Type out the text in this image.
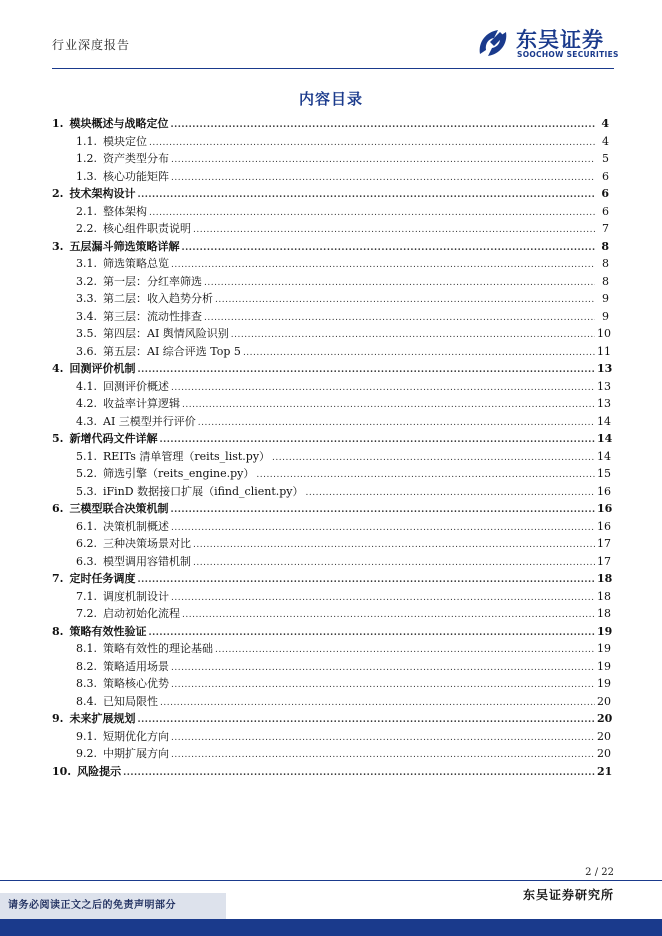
行业深度报告	东吴证券
SOOCHOW SECURITIES
内容目录
1. 模块概述与战略定位 .....	4
1.1. 模块定位 .....	4
1.2. 资产类型分布 .....	5
1.3. 核心功能矩阵 .....	6
2. 技术架构设计 .....	6
2.1. 整体架构 .....	6
2.2. 核心组件职责说明 .....	7
3. 五层漏斗筛选策略详解 .....	8
3.1. 筛选策略总览 .....	8
3.2. 第一层：分红率筛选 .....	8
3.3. 第二层：收入趋势分析 .....	9
3.4. 第三层：流动性排查 .....	9
3.5. 第四层：AI 舆情风险识别 .....	10
3.6. 第五层：AI 综合评选 Top 5 .....	11
4. 回测评价机制 .....	13
4.1. 回测评价概述 .....	13
4.2. 收益率计算逻辑 .....	13
4.3. AI 三模型并行评价 .....	14
5. 新增代码文件详解 .....	14
5.1. REITs 清单管理（reits_list.py） .....	14
5.2. 筛选引擎（reits_engine.py） .....	15
5.3. iFinD 数据接口扩展（ifind_client.py） .....	16
6. 三模型联合决策机制 .....	16
6.1. 决策机制概述 .....	16
6.2. 三种决策场景对比 .....	17
6.3. 模型调用容错机制 .....	17
7. 定时任务调度 .....	18
7.1. 调度机制设计 .....	18
7.2. 启动初始化流程 .....	18
8. 策略有效性验证 .....	19
8.1. 策略有效性的理论基础 .....	19
8.2. 策略适用场景 .....	19
8.3. 策略核心优势 .....	19
8.4. 已知局限性 .....	20
9. 未来扩展规划 .....	20
9.1. 短期优化方向 .....	20
9.2. 中期扩展方向 .....	20
10. 风险提示 .....	21
2 / 22
请务必阅读正文之后的免责声明部分
东吴证券研究所
